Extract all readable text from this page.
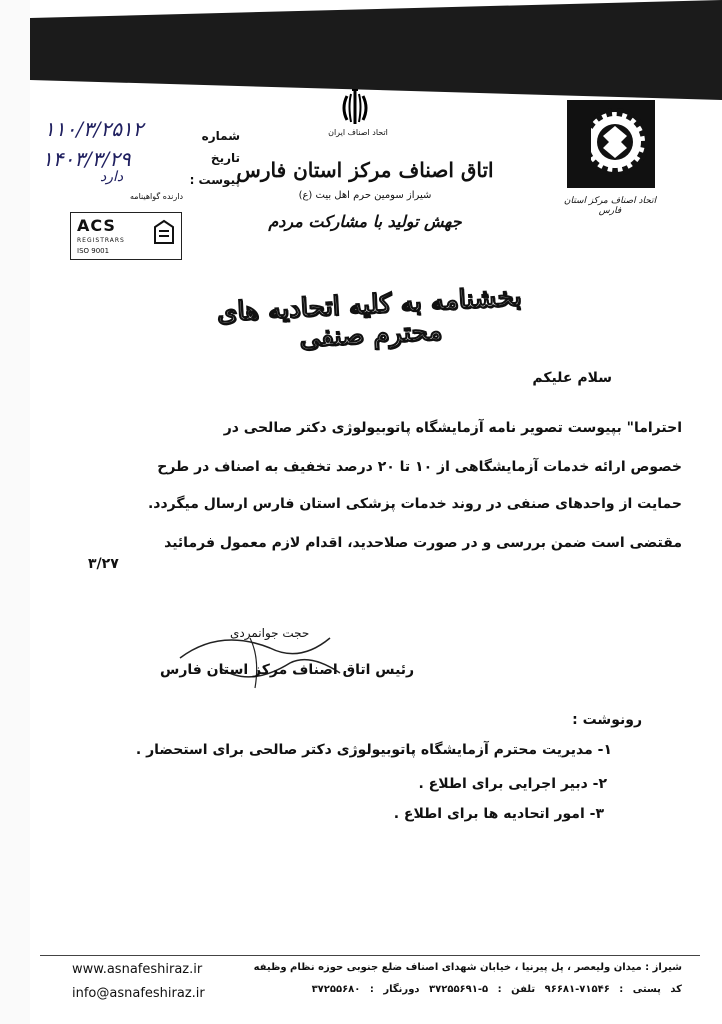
اتحاد اصناف ایران
اتاق اصناف مرکز استان فارس
شیراز سومین حرم اهل بیت (ع)
جهش تولید با مشارکت مردم
اتحاد اصناف مرکز استان فارس
شماره
۱۱۰/۳/۲۵۱۲
تاریخ
۱۴۰۳/۳/۲۹
پیوست :
دارد
دارنده گواهینامه
ACS
REGISTRARS
ISO 9001
بخشنامه به کلیه اتحادیه های محترم صنفی
سلام علیکم
احتراما" بپیوست تصویر نامه آزمایشگاه پاتوبیولوژی دکتر صالحی در
خصوص ارائه خدمات آزمایشگاهی از ۱۰ تا ۲۰ درصد تخفیف به اصناف در طرح
حمایت از واحدهای صنفی در روند خدمات پزشکی استان فارس ارسال میگردد.
مقتضی است ضمن بررسی و در صورت صلاحدید، اقدام لازم معمول فرمائید
۳/۲۷
حجت جوانمردی
رئیس اتاق اصناف مرکز استان فارس
رونوشت :
۱- مدیریت محترم آزمایشگاه پاتوبیولوژی دکتر صالحی برای استحضار .
۲- دبیر اجرایی برای اطلاع .
۳- امور اتحادیه ها برای اطلاع .
www.asnafeshiraz.ir
info@asnafeshiraz.ir
شیراز : میدان ولیعصر ، پل پیرنیا ، خیابان شهدای اصناف ضلع جنوبی حوزه نظام وظیفه
کد پستی : ۷۱۵۴۶-۹۶۶۸۱ تلفن : ۵-۳۷۲۵۵۶۹۱ دورنگار : ۳۷۲۵۵۶۸۰
